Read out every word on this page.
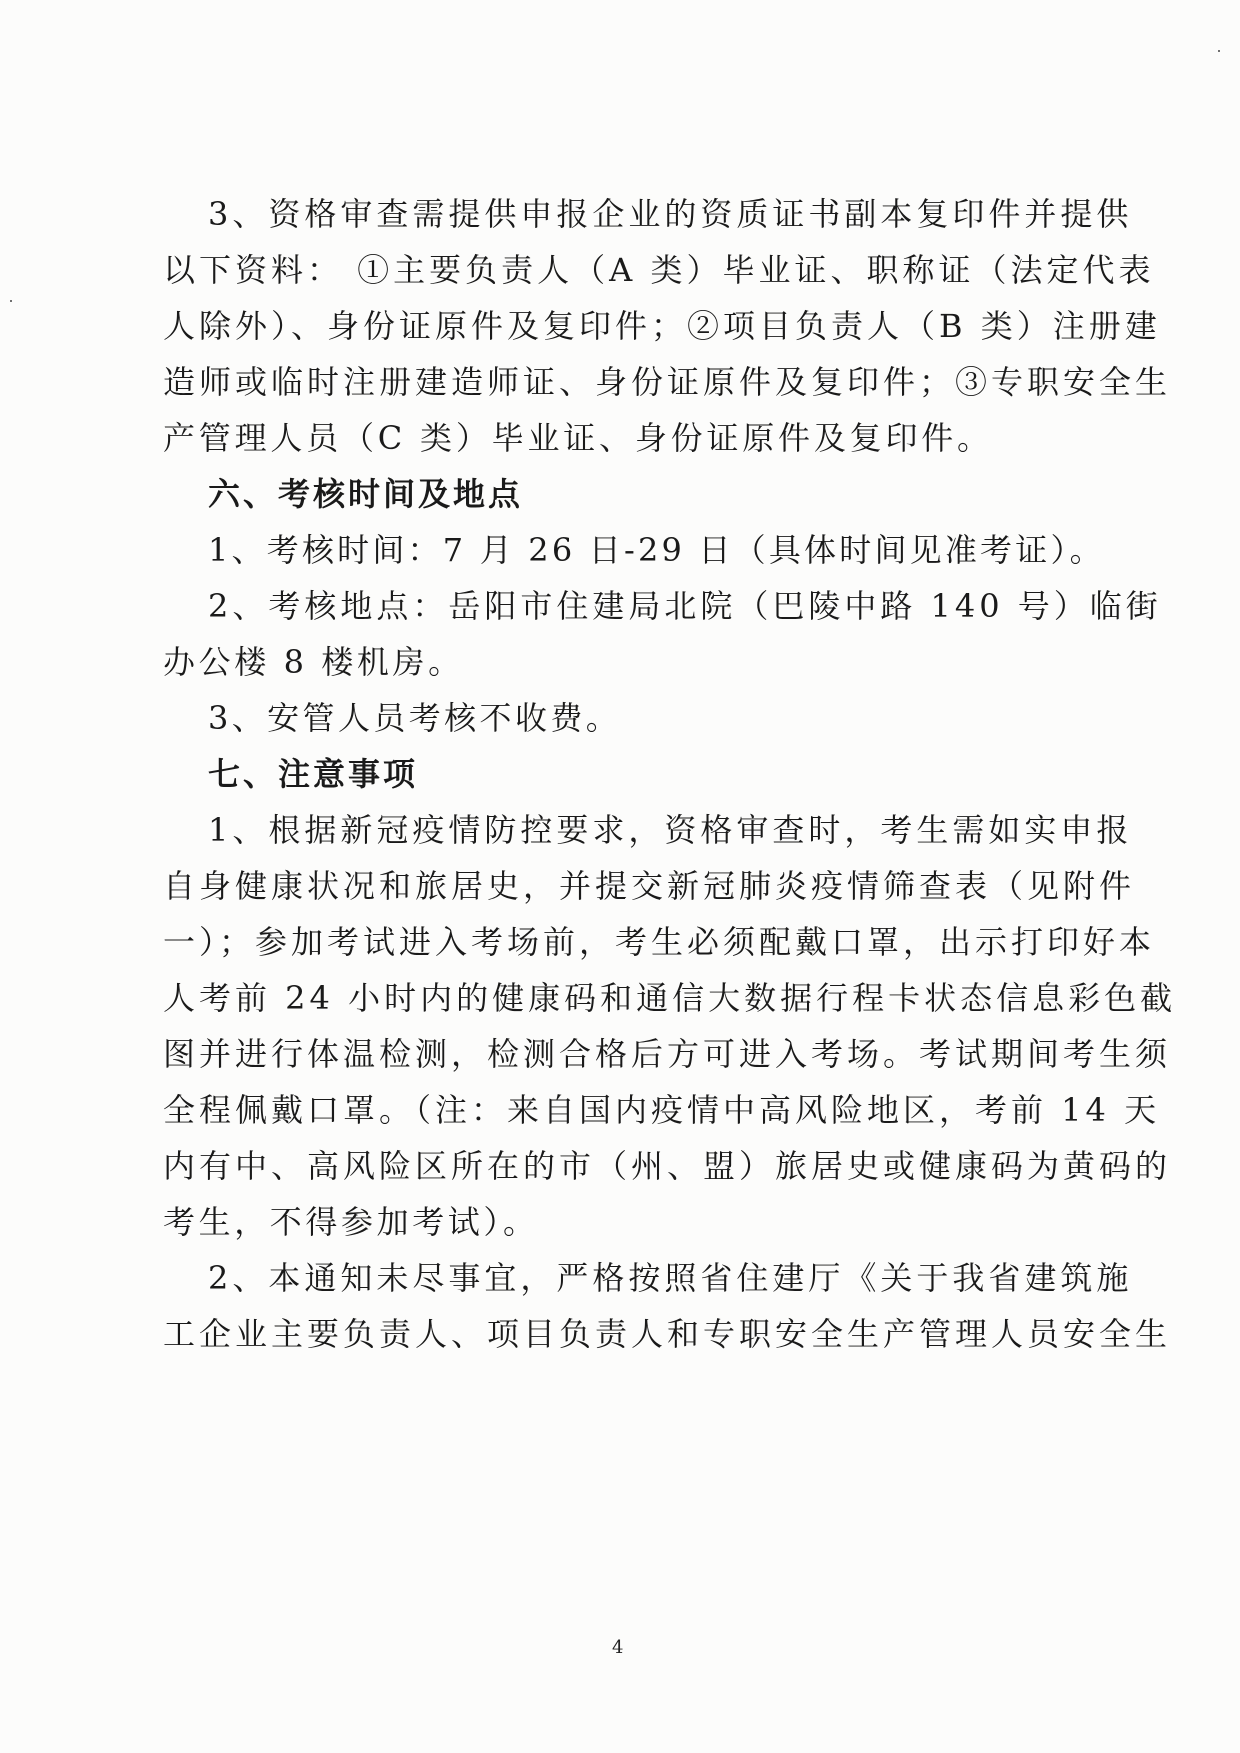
3、资格审查需提供申报企业的资质证书副本复印件并提供
以下资料： ①主要负责人（A 类）毕业证、职称证（法定代表
人除外）、身份证原件及复印件；②项目负责人（B 类）注册建
造师或临时注册建造师证、身份证原件及复印件；③专职安全生
产管理人员（C 类）毕业证、身份证原件及复印件。
六、考核时间及地点
1、考核时间：7 月 26 日-29 日（具体时间见准考证）。
2、考核地点：岳阳市住建局北院（巴陵中路 140 号）临街
办公楼 8 楼机房。
3、安管人员考核不收费。
七、注意事项
1、根据新冠疫情防控要求，资格审查时，考生需如实申报
自身健康状况和旅居史，并提交新冠肺炎疫情筛查表（见附件
一）；参加考试进入考场前，考生必须配戴口罩，出示打印好本
人考前 24 小时内的健康码和通信大数据行程卡状态信息彩色截
图并进行体温检测，检测合格后方可进入考场。考试期间考生须
全程佩戴口罩。（注：来自国内疫情中高风险地区，考前 14 天
内有中、高风险区所在的市（州、盟）旅居史或健康码为黄码的
考生，不得参加考试）。
2、本通知未尽事宜，严格按照省住建厅《关于我省建筑施
工企业主要负责人、项目负责人和专职安全生产管理人员安全生
4
